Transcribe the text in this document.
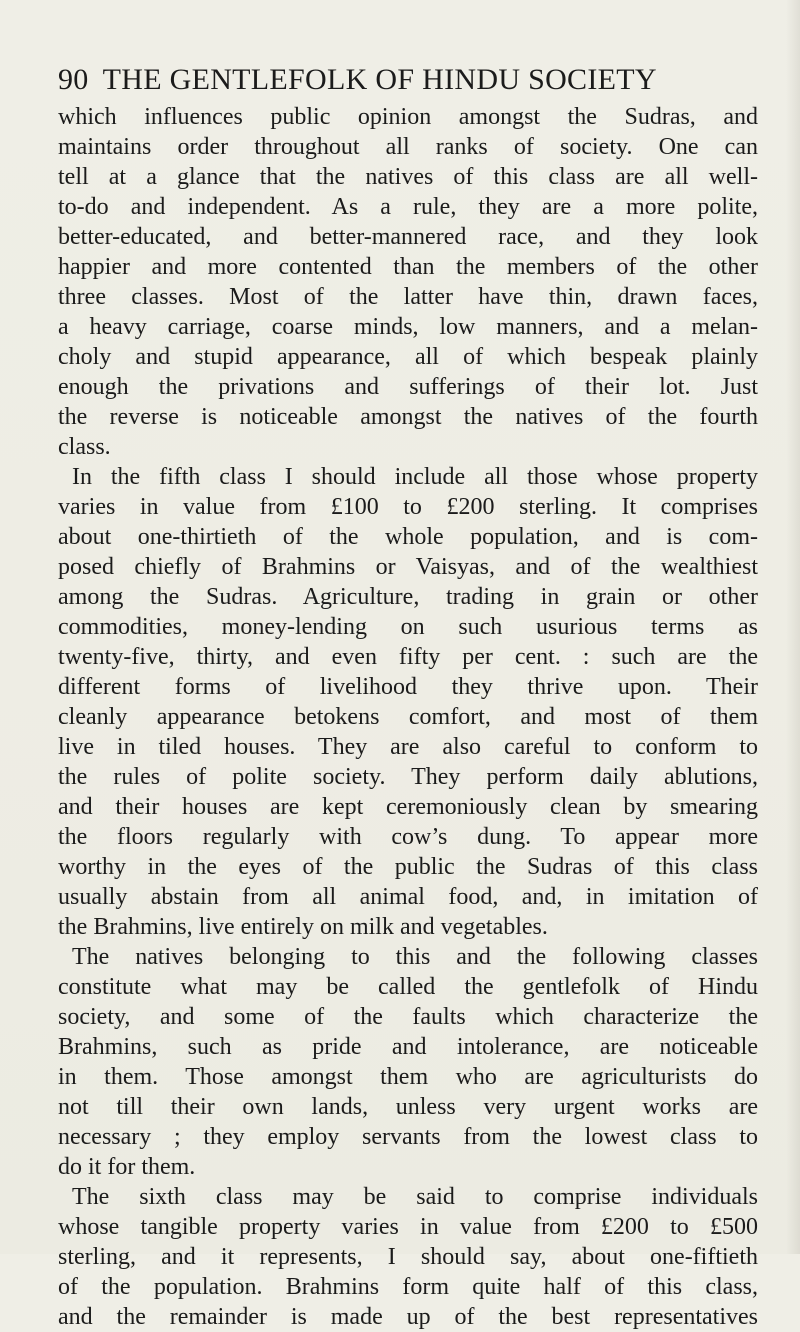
90 THE GENTLEFOLK OF HINDU SOCIETY
which influences public opinion amongst the Sudras, and
maintains order throughout all ranks of society. One can
tell at a glance that the natives of this class are all well-
to-do and independent. As a rule, they are a more polite,
better-educated, and better-mannered race, and they look
happier and more contented than the members of the other
three classes. Most of the latter have thin, drawn faces,
a heavy carriage, coarse minds, low manners, and a melan-
choly and stupid appearance, all of which bespeak plainly
enough the privations and sufferings of their lot. Just
the reverse is noticeable amongst the natives of the fourth
class.
In the fifth class I should include all those whose property
varies in value from £100 to £200 sterling. It comprises
about one-thirtieth of the whole population, and is com-
posed chiefly of Brahmins or Vaisyas, and of the wealthiest
among the Sudras. Agriculture, trading in grain or other
commodities, money-lending on such usurious terms as
twenty-five, thirty, and even fifty per cent. : such are the
different forms of livelihood they thrive upon. Their
cleanly appearance betokens comfort, and most of them
live in tiled houses. They are also careful to conform to
the rules of polite society. They perform daily ablutions,
and their houses are kept ceremoniously clean by smearing
the floors regularly with cow’s dung. To appear more
worthy in the eyes of the public the Sudras of this class
usually abstain from all animal food, and, in imitation of
the Brahmins, live entirely on milk and vegetables.
The natives belonging to this and the following classes
constitute what may be called the gentlefolk of Hindu
society, and some of the faults which characterize the
Brahmins, such as pride and intolerance, are noticeable
in them. Those amongst them who are agriculturists do
not till their own lands, unless very urgent works are
necessary ; they employ servants from the lowest class to
do it for them.
The sixth class may be said to comprise individuals
whose tangible property varies in value from £200 to £500
sterling, and it represents, I should say, about one-fiftieth
of the population. Brahmins form quite half of this class,
and the remainder is made up of the best representatives
